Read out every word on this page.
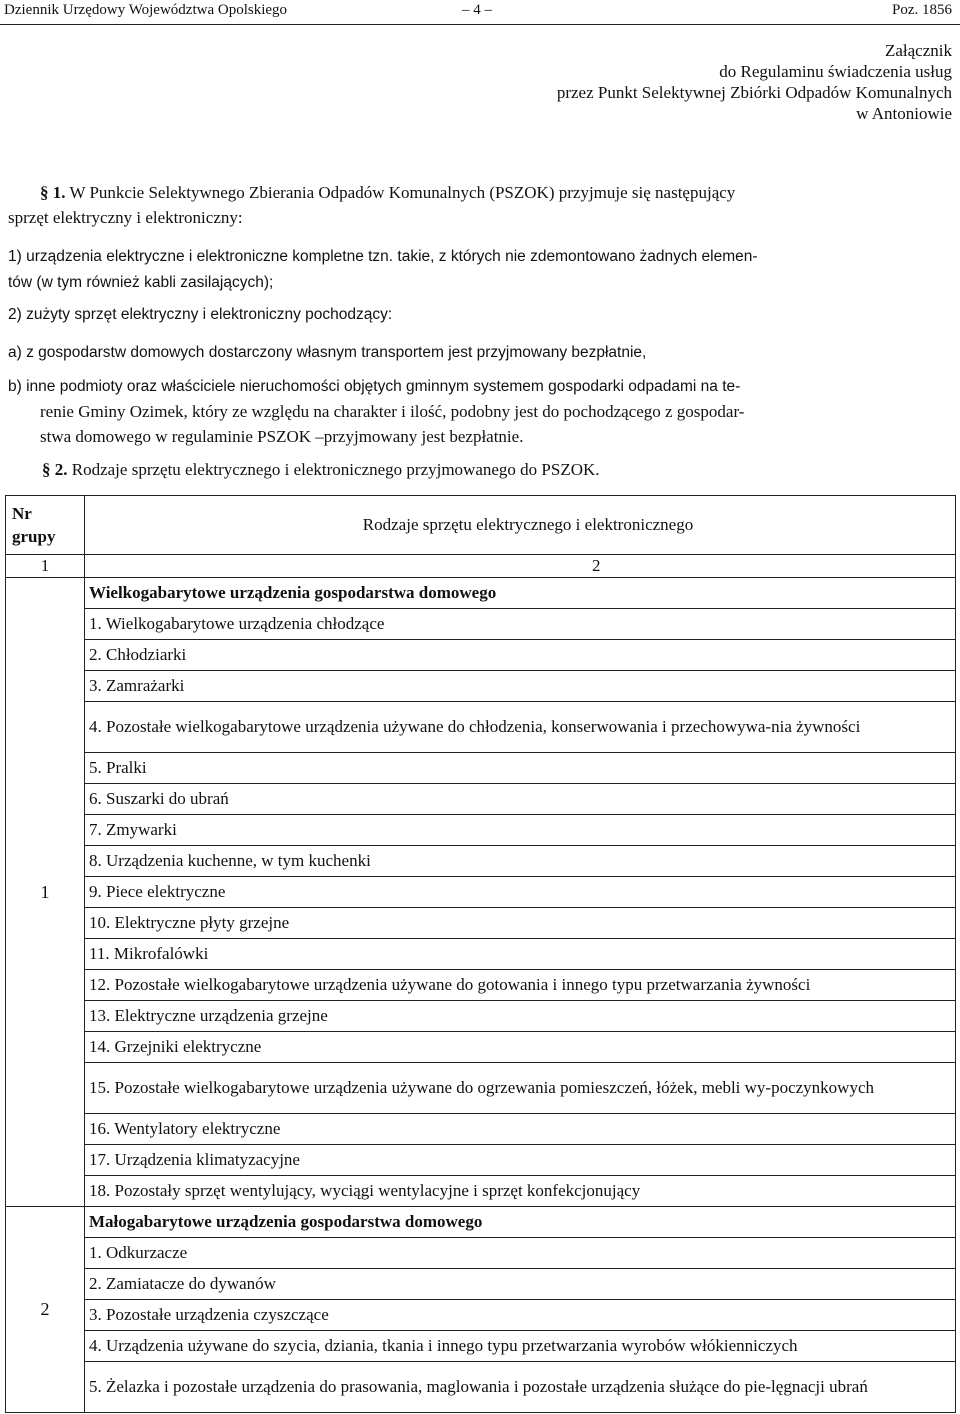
Dziennik Urzędowy Województwa Opolskiego	– 4 –	Poz. 1856
Załącznik
do Regulaminu świadczenia usług
przez Punkt Selektywnej Zbiórki Odpadów Komunalnych
w Antoniowie
§ 1. W Punkcie Selektywnego Zbierania Odpadów Komunalnych (PSZOK) przyjmuje się następujący
sprzęt elektryczny i elektroniczny:
1) urządzenia elektryczne i elektroniczne kompletne tzn. takie, z których nie zdemontowano żadnych elemen-
tów (w tym również kabli zasilających);
2) zużyty sprzęt elektryczny i elektroniczny pochodzący:
a) z gospodarstw domowych dostarczony własnym transportem jest przyjmowany bezpłatnie,
b) inne podmioty oraz właściciele nieruchomości objętych gminnym systemem gospodarki odpadami na te-
renie Gminy Ozimek, który ze względu na charakter i ilość, podobny jest do pochodzącego z gospodar-
stwa domowego w regulaminie PSZOK –przyjmowany jest bezpłatnie.
§ 2. Rodzaje sprzętu elektrycznego i elektronicznego przyjmowanego do PSZOK.
Nr
grupy	Rodzaje sprzętu elektrycznego i elektronicznego
1	2
1	Wielkogabarytowe urządzenia gospodarstwa domowego
	1. Wielkogabarytowe urządzenia chłodzące
	2. Chłodziarki
	3. Zamrażarki
	4. Pozostałe wielkogabarytowe urządzenia używane do chłodzenia, konserwowania i przechowywa-nia żywności
	5. Pralki
	6. Suszarki do ubrań
	7. Zmywarki
	8. Urządzenia kuchenne, w tym kuchenki
	9. Piece elektryczne
	10. Elektryczne płyty grzejne
	11. Mikrofalówki
	12. Pozostałe wielkogabarytowe urządzenia używane do gotowania i innego typu przetwarzania żywności
	13. Elektryczne urządzenia grzejne
	14. Grzejniki elektryczne
	15. Pozostałe wielkogabarytowe urządzenia używane do ogrzewania pomieszczeń, łóżek, mebli wy-poczynkowych
	16. Wentylatory elektryczne
	17. Urządzenia klimatyzacyjne
	18. Pozostały sprzęt wentylujący, wyciągi wentylacyjne i sprzęt konfekcjonujący
2	Małogabarytowe urządzenia gospodarstwa domowego
	1. Odkurzacze
	2. Zamiatacze do dywanów
	3. Pozostałe urządzenia czyszczące
	4. Urządzenia używane do szycia, dziania, tkania i innego typu przetwarzania wyrobów włókienniczych
	5. Żelazka i pozostałe urządzenia do prasowania, maglowania i pozostałe urządzenia służące do pie-lęgnacji ubrań
